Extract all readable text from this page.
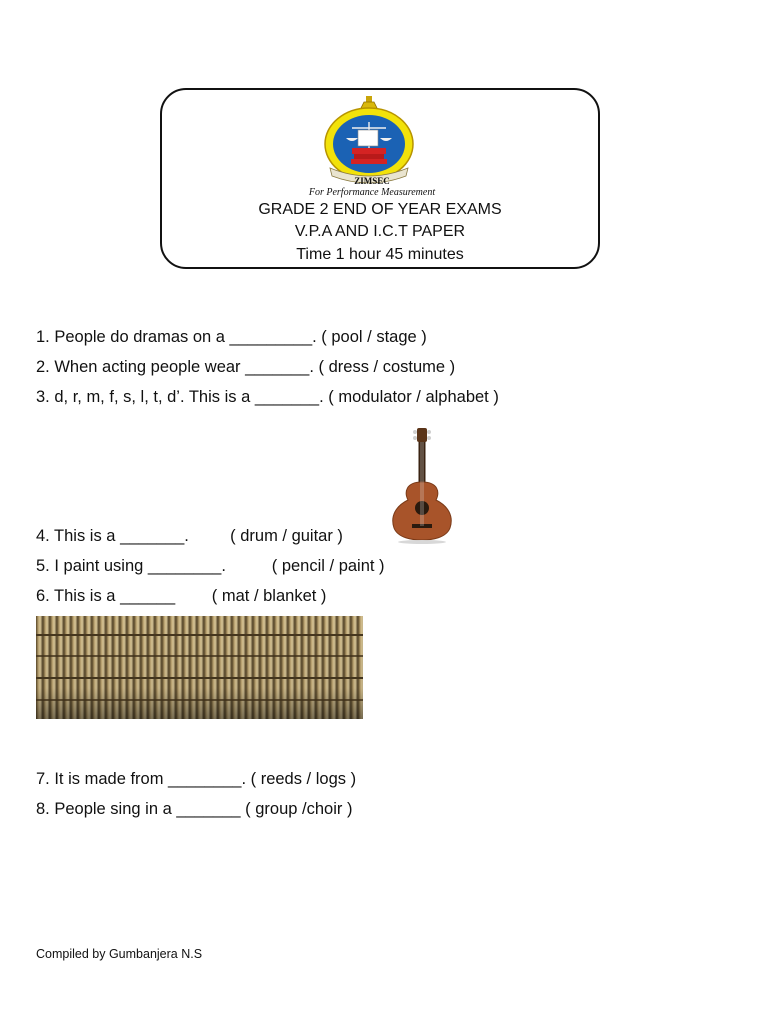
ZIMSEC
For Performance Measurement
GRADE 2 END OF YEAR EXAMS
V.P.A AND I.C.T PAPER
Time 1 hour 45 minutes
1. People do dramas on a _________. ( pool / stage )
2. When acting people wear _______. ( dress / costume )
3. d, r, m, f, s, l, t, d’. This is a _______. ( modulator / alphabet )
4. This is a _______.         ( drum / guitar )
5. I paint using ________.          ( pencil / paint )
6. This is a ______        ( mat / blanket )
7. It is made from ________. ( reeds / logs )
8. People sing in a _______ ( group /choir )
Compiled by Gumbanjera N.S
